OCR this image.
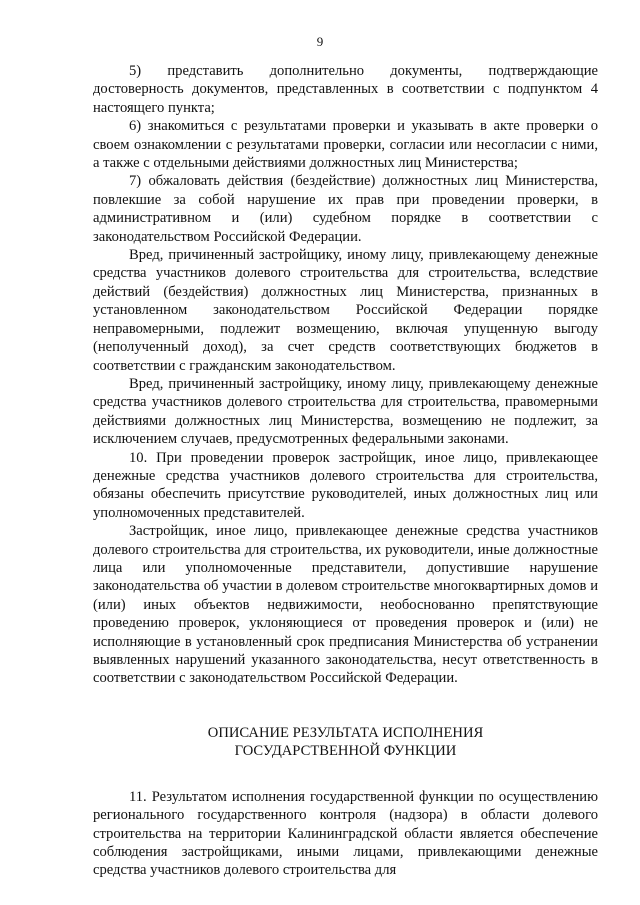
9

5) представить дополнительно документы, подтверждающие достоверность документов, представленных в соответствии с подпунктом 4 настоящего пункта;

6) знакомиться с результатами проверки и указывать в акте проверки о своем ознакомлении с результатами проверки, согласии или несогласии с ними, а также с отдельными действиями должностных лиц Министерства;

7) обжаловать действия (бездействие) должностных лиц Министерства, повлекшие за собой нарушение их прав при проведении проверки, в административном и (или) судебном порядке в соответствии с законодательством Российской Федерации.

Вред, причиненный застройщику, иному лицу, привлекающему денежные средства участников долевого строительства для строительства, вследствие действий (бездействия) должностных лиц Министерства, признанных в установленном законодательством Российской Федерации порядке неправомерными, подлежит возмещению, включая упущенную выгоду (неполученный доход), за счет средств соответствующих бюджетов в соответствии с гражданским законодательством.

Вред, причиненный застройщику, иному лицу, привлекающему денежные средства участников долевого строительства для строительства, правомерными действиями должностных лиц Министерства, возмещению не подлежит, за исключением случаев, предусмотренных федеральными законами.

10. При проведении проверок застройщик, иное лицо, привлекающее денежные средства участников долевого строительства для строительства, обязаны обеспечить присутствие руководителей, иных должностных лиц или уполномоченных представителей.

Застройщик, иное лицо, привлекающее денежные средства участников долевого строительства для строительства, их руководители, иные должностные лица или уполномоченные представители, допустившие нарушение законодательства об участии в долевом строительстве многоквартирных домов и (или) иных объектов недвижимости, необоснованно препятствующие проведению проверок, уклоняющиеся от проведения проверок и (или) не исполняющие в установленный срок предписания Министерства об устранении выявленных нарушений указанного законодательства, несут ответственность в соответствии с законодательством Российской Федерации.

ОПИСАНИЕ РЕЗУЛЬТАТА ИСПОЛНЕНИЯ
ГОСУДАРСТВЕННОЙ ФУНКЦИИ

11. Результатом исполнения государственной функции по осуществлению регионального государственного контроля (надзора) в области долевого строительства на территории Калининградской области является обеспечение соблюдения застройщиками, иными лицами, привлекающими денежные средства участников долевого строительства для
